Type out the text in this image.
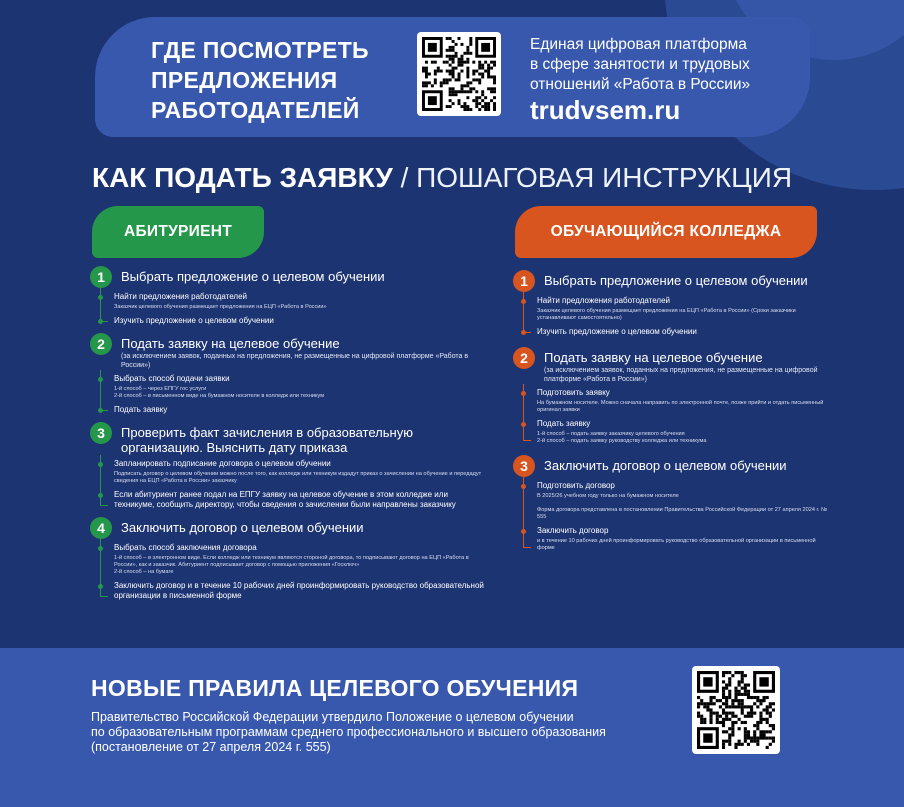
ГДЕ ПОСМОТРЕТЬ
ПРЕДЛОЖЕНИЯ
РАБОТОДАТЕЛЕЙ
Единая цифровая платформа
в сфере занятости и трудовых
отношений «Работа в России»
trudvsem.ru
КАК ПОДАТЬ ЗАЯВКУ / ПОШАГОВАЯ ИНСТРУКЦИЯ
АБИТУРИЕНТ	ОБУЧАЮЩИЙСЯ КОЛЛЕДЖА
1	Выбрать предложение о целевом обучении
Найти предложения работодателей
Заказчик целевого обучения размещает предложения на ЕЦП «Работа в России»
Изучить предложение о целевом обучении
2	Подать заявку на целевое обучение
(за исключением заявок, поданных на предложения, не размещенные на цифровой платформе «Работа в России»)
Выбрать способ подачи заявки
1-й способ – через ЕПГУ гос услуги
2-й способ – в письменном виде на бумажном носителе в колледж или техникум
Подать заявку
3	Проверить факт зачисления в образовательную организацию. Выяснить дату приказа
Запланировать подписание договора о целевом обучении
Подписать договор о целевом обучении можно после того, как колледж или техникум издадут приказ о зачислении на обучение и передадут сведения на ЕЦП «Работа в России» заказчику
Если абитуриент ранее подал на ЕПГУ заявку на целевое обучение в этом колледже или техникуме, сообщить директору, чтобы сведения о зачислении были направлены заказчику
4	Заключить договор о целевом обучении
Выбрать способ заключения договора
1-й способ – в электронном виде. Если колледж или техникум являются стороной договора, то подписывают договор на ЕЦП «Работа в России», как и заказчик. Абитуриент подписывает договор с помощью приложения «Госключ»
2-й способ – на бумаге
Заключить договор и в течение 10 рабочих дней проинформировать руководство образовательной организации в письменной форме
1	Выбрать предложение о целевом обучении
Найти предложения работодателей
Заказчик целевого обучения размещает предложения на ЕЦП «Работа в России» (Сроки заказчики устанавливают самостоятельно)
Изучить предложение о целевом обучении
2	Подать заявку на целевое обучение
(за исключением заявок, поданных на предложения, не размещенные на цифровой платформе «Работа в России»)
Подготовить заявку
На бумажном носителе. Можно сначала направить по электронной почте, позже прийти и отдать письменный оригинал заявки
Подать заявку
1-й способ – подать заявку заказчику целевого обучения
2-й способ – подать заявку руководству колледжа или техникума
3	Заключить договор о целевом обучении
Подготовить договор
В 2025/26 учебном году только на бумажном носителе

Форма договора представлена в постановлении Правительства Российской Федерации от 27 апреля 2024 г. № 555
Заключить договор
и в течение 10 рабочих дней проинформировать руководство образовательной организации в письменной форме
НОВЫЕ ПРАВИЛА ЦЕЛЕВОГО ОБУЧЕНИЯ
Правительство Российской Федерации утвердило Положение о целевом обучении
по образовательным программам среднего профессионального и высшего образования
(постановление от 27 апреля 2024 г. 555)
